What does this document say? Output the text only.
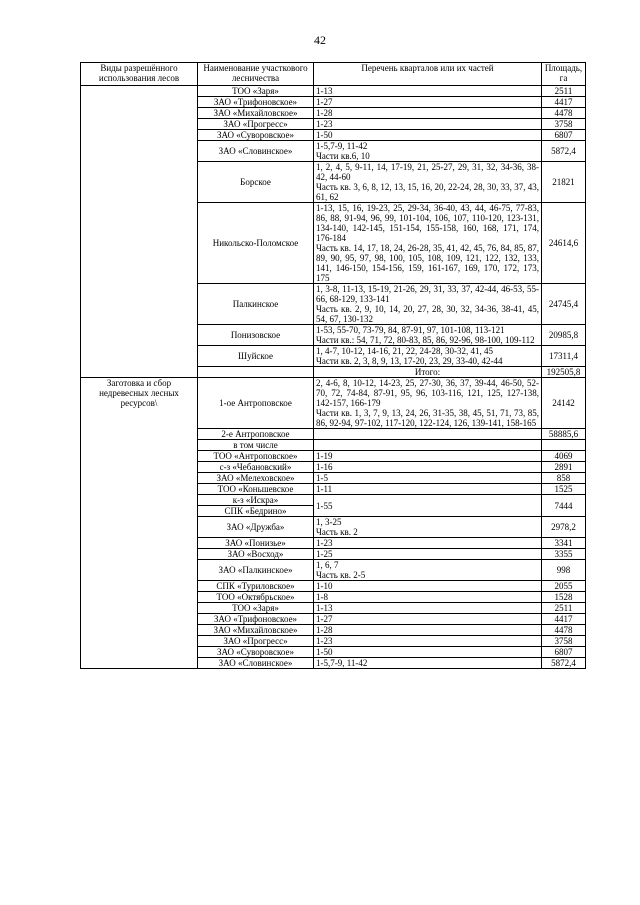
42
Виды разрешённого использования лесов	Наименование участкового лесничества	Перечень кварталов или их частей	Площадь, га
	ТОО «Заря»	1-13	2511
	ЗАО «Трифоновское»	1-27	4417
	ЗАО «Михайловское»	1-28	4478
	ЗАО «Прогресс»	1-23	3758
	ЗАО «Суворовское»	1-50	6807
	ЗАО «Словинское»	1-5,7-9, 11-42
Части кв.6, 10	5872,4
	Борское	1, 2, 4, 5, 9-11, 14, 17-19, 21, 25-27, 29, 31, 32, 34-36, 38-42, 44-60
Часть кв. 3, 6, 8, 12, 13, 15, 16, 20, 22-24, 28, 30, 33, 37, 43, 61, 62	21821
	Никольско-Поломское	1-13, 15, 16, 19-23, 25, 29-34, 36-40, 43, 44, 46-75, 77-83, 86, 88, 91-94, 96, 99, 101-104, 106, 107, 110-120, 123-131, 134-140, 142-145, 151-154, 155-158, 160, 168, 171, 174, 176-184
Часть кв. 14, 17, 18, 24, 26-28, 35, 41, 42, 45, 76, 84, 85, 87, 89, 90, 95, 97, 98, 100, 105, 108, 109, 121, 122, 132, 133, 141, 146-150, 154-156, 159, 161-167, 169, 170, 172, 173, 175	24614,6
	Палкинское	1, 3-8, 11-13, 15-19, 21-26, 29, 31, 33, 37, 42-44, 46-53, 55-66, 68-129, 133-141
Часть кв. 2, 9, 10, 14, 20, 27, 28, 30, 32, 34-36, 38-41, 45, 54, 67, 130-132	24745,4
	Понизовское	1-53, 55-70, 73-79, 84, 87-91, 97, 101-108, 113-121
Части кв.: 54, 71, 72, 80-83, 85, 86, 92-96, 98-100, 109-112	20985,8
	Шуйское	1, 4-7, 10-12, 14-16, 21, 22, 24-28, 30-32, 41, 45
Части кв. 2, 3, 8, 9, 13, 17-20, 23, 29, 33-40, 42-44	17311,4
		Итого:	192505,8
Заготовка и сбор недревесных лесных ресурсов\	1-ое Антроповское	2, 4-6, 8, 10-12, 14-23, 25, 27-30, 36, 37, 39-44, 46-50, 52-70, 72, 74-84, 87-91, 95, 96, 103-116, 121, 125, 127-138, 142-157, 166-179
Части кв. 1, 3, 7, 9, 13, 24, 26, 31-35, 38, 45, 51, 71, 73, 85, 86, 92-94, 97-102, 117-120, 122-124, 126, 139-141, 158-165	24142
	2-е Антроповское		58885,6
	в том числе		
	ТОО «Антроповское»	1-19	4069
	с-з «Чебановский»	1-16	2891
	ЗАО «Мелеховское»	1-5	858
	ТОО «Коньшевское	1-11	1525
	к-з «Искра»	1-55	7444
	СПК «Бедрино»		
	ЗАО «Дружба»	1, 3-25
Часть кв. 2	2978,2
	ЗАО «Понизье»	1-23	3341
	ЗАО «Восход»	1-25	3355
	ЗАО «Палкинское»	1, 6, 7
Часть кв. 2-5	998
	СПК «Туриловское»	1-10	2055
	ТОО «Октябрьское»	1-8	1528
	ТОО «Заря»	1-13	2511
	ЗАО «Трифоновское»	1-27	4417
	ЗАО «Михайловское»	1-28	4478
	ЗАО «Прогресс»	1-23	3758
	ЗАО «Суворовское»	1-50	6807
	ЗАО «Словинское»	1-5,7-9, 11-42	5872,4
